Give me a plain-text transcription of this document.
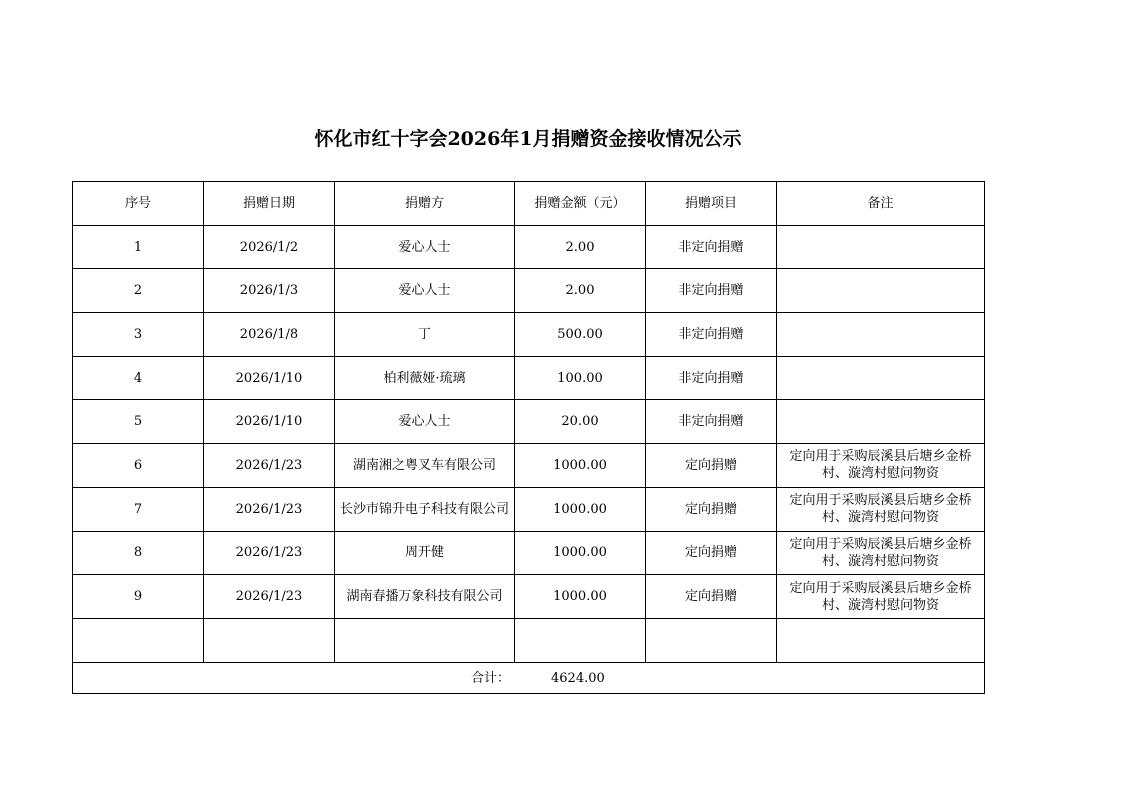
怀化市红十字会2026年1月捐赠资金接收情况公示
序号	捐赠日期	捐赠方	捐赠金额（元）	捐赠项目	备注
1	2026/1/2	爱心人士	2.00	非定向捐赠	
2	2026/1/3	爱心人士	2.00	非定向捐赠	
3	2026/1/8	丁	500.00	非定向捐赠	
4	2026/1/10	柏利薇娅·琉璃	100.00	非定向捐赠	
5	2026/1/10	爱心人士	20.00	非定向捐赠	
6	2026/1/23	湖南湘之粤叉车有限公司	1000.00	定向捐赠	定向用于采购辰溪县后塘乡金桥村、漩湾村慰问物资
7	2026/1/23	长沙市锦升电子科技有限公司	1000.00	定向捐赠	定向用于采购辰溪县后塘乡金桥村、漩湾村慰问物资
8	2026/1/23	周开健	1000.00	定向捐赠	定向用于采购辰溪县后塘乡金桥村、漩湾村慰问物资
9	2026/1/23	湖南春播万象科技有限公司	1000.00	定向捐赠	定向用于采购辰溪县后塘乡金桥村、漩湾村慰问物资

合计： 4624.00					
